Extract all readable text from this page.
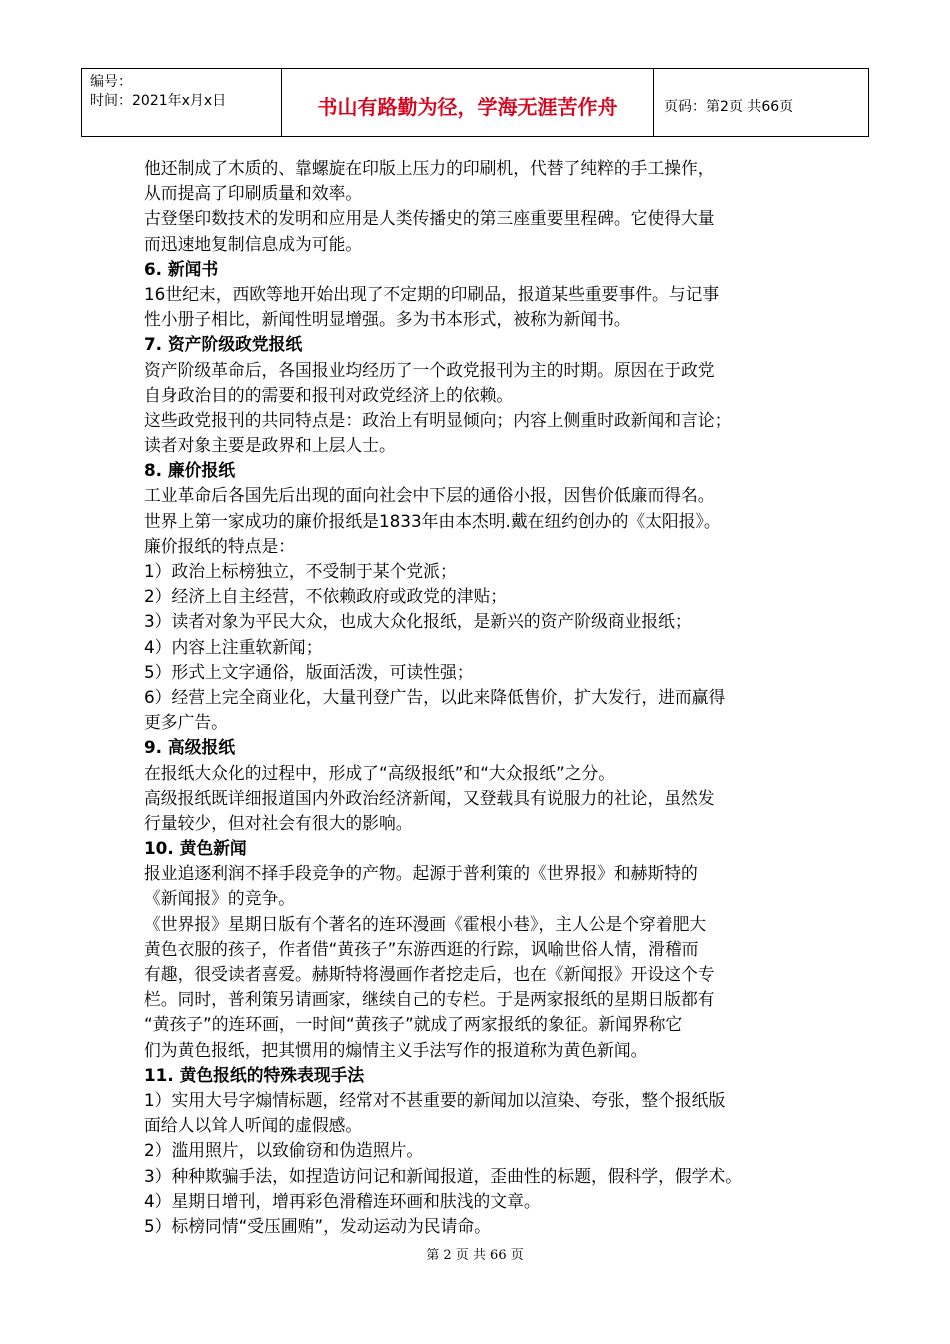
编号：
时间：2021年x月x日	书山有路勤为径，学海无涯苦作舟	页码：第2页 共66页
他还制成了木质的、靠螺旋在印版上压力的印刷机，代替了纯粹的手工操作，
从而提高了印刷质量和效率。
古登堡印数技术的发明和应用是人类传播史的第三座重要里程碑。它使得大量
而迅速地复制信息成为可能。
6. 新闻书
16世纪末，西欧等地开始出现了不定期的印刷品，报道某些重要事件。与记事
性小册子相比，新闻性明显增强。多为书本形式，被称为新闻书。
7. 资产阶级政党报纸
资产阶级革命后，各国报业均经历了一个政党报刊为主的时期。原因在于政党
自身政治目的的需要和报刊对政党经济上的依赖。
这些政党报刊的共同特点是：政治上有明显倾向；内容上侧重时政新闻和言论；
读者对象主要是政界和上层人士。
8. 廉价报纸
工业革命后各国先后出现的面向社会中下层的通俗小报，因售价低廉而得名。
世界上第一家成功的廉价报纸是1833年由本杰明.戴在纽约创办的《太阳报》。
廉价报纸的特点是：
1）政治上标榜独立，不受制于某个党派；
2）经济上自主经营，不依赖政府或政党的津贴；
3）读者对象为平民大众，也成大众化报纸，是新兴的资产阶级商业报纸；
4）内容上注重软新闻；
5）形式上文字通俗，版面活泼，可读性强；
6）经营上完全商业化，大量刊登广告，以此来降低售价，扩大发行，进而赢得
更多广告。
9. 高级报纸
在报纸大众化的过程中，形成了“高级报纸”和“大众报纸”之分。
高级报纸既详细报道国内外政治经济新闻，又登载具有说服力的社论，虽然发
行量较少，但对社会有很大的影响。
10. 黄色新闻
报业追逐利润不择手段竞争的产物。起源于普利策的《世界报》和赫斯特的
《新闻报》的竞争。
《世界报》星期日版有个著名的连环漫画《霍根小巷》，主人公是个穿着肥大
黄色衣服的孩子，作者借“黄孩子”东游西逛的行踪，讽喻世俗人情，滑稽而
有趣，很受读者喜爱。赫斯特将漫画作者挖走后，也在《新闻报》开设这个专
栏。同时，普利策另请画家，继续自己的专栏。于是两家报纸的星期日版都有
“黄孩子”的连环画，一时间“黄孩子”就成了两家报纸的象征。新闻界称它
们为黄色报纸，把其惯用的煽情主义手法写作的报道称为黄色新闻。
11. 黄色报纸的特殊表现手法
1）实用大号字煽情标题，经常对不甚重要的新闻加以渲染、夸张，整个报纸版
面给人以耸人听闻的虚假感。
2）滥用照片，以致偷窃和伪造照片。
3）种种欺骗手法，如捏造访问记和新闻报道，歪曲性的标题，假科学，假学术。
4）星期日增刊，增再彩色滑稽连环画和肤浅的文章。
5）标榜同情“受压圃贿”，发动运动为民请命。
第 2 页 共 66 页
